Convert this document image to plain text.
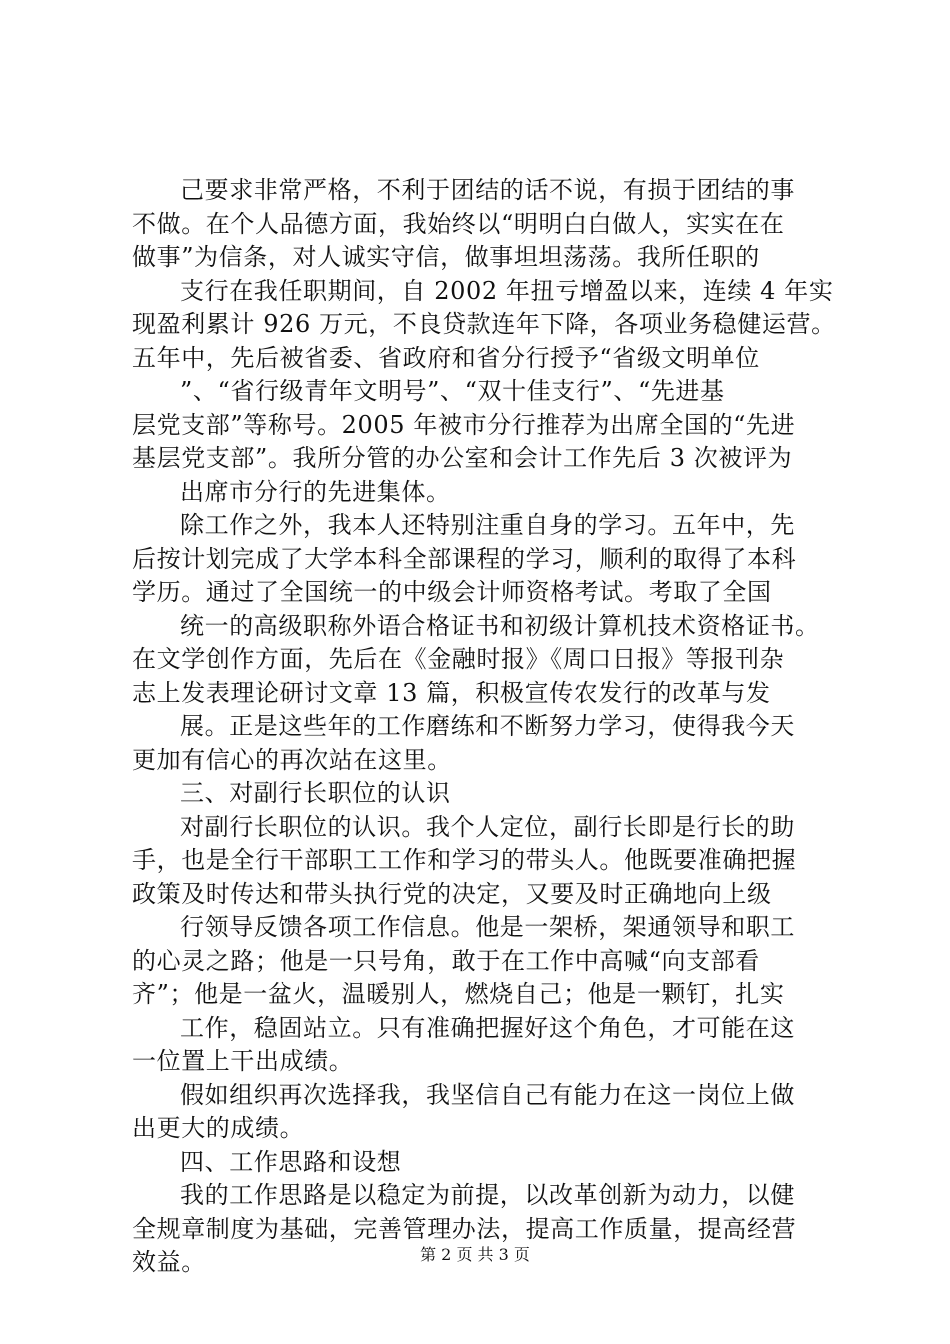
己要求非常严格，不利于团结的话不说，有损于团结的事
不做。在个人品德方面，我始终以“明明白白做人，实实在在
做事”为信条，对人诚实守信，做事坦坦荡荡。我所任职的
支行在我任职期间，自 2002 年扭亏增盈以来，连续 4 年实
现盈利累计 926 万元，不良贷款连年下降，各项业务稳健运营。
五年中，先后被省委、省政府和省分行授予“省级文明单位
”、“省行级青年文明号”、“双十佳支行”、“先进基
层党支部”等称号。2005 年被市分行推荐为出席全国的“先进
基层党支部”。我所分管的办公室和会计工作先后 3 次被评为
出席市分行的先进集体。
除工作之外，我本人还特别注重自身的学习。五年中，先
后按计划完成了大学本科全部课程的学习，顺利的取得了本科
学历。通过了全国统一的中级会计师资格考试。考取了全国
统一的高级职称外语合格证书和初级计算机技术资格证书。
在文学创作方面，先后在《金融时报》《周口日报》等报刊杂
志上发表理论研讨文章 13 篇，积极宣传农发行的改革与发
展。正是这些年的工作磨练和不断努力学习，使得我今天
更加有信心的再次站在这里。
三、对副行长职位的认识
对副行长职位的认识。我个人定位，副行长即是行长的助
手，也是全行干部职工工作和学习的带头人。他既要准确把握
政策及时传达和带头执行党的决定，又要及时正确地向上级
行领导反馈各项工作信息。他是一架桥，架通领导和职工
的心灵之路；他是一只号角，敢于在工作中高喊“向支部看
齐”；他是一盆火，温暖别人，燃烧自己；他是一颗钉，扎实
工作，稳固站立。只有准确把握好这个角色，才可能在这
一位置上干出成绩。
假如组织再次选择我，我坚信自己有能力在这一岗位上做
出更大的成绩。
四、工作思路和设想
我的工作思路是以稳定为前提，以改革创新为动力，以健
全规章制度为基础，完善管理办法，提高工作质量，提高经营
效益。	第 2 页 共 3 页
